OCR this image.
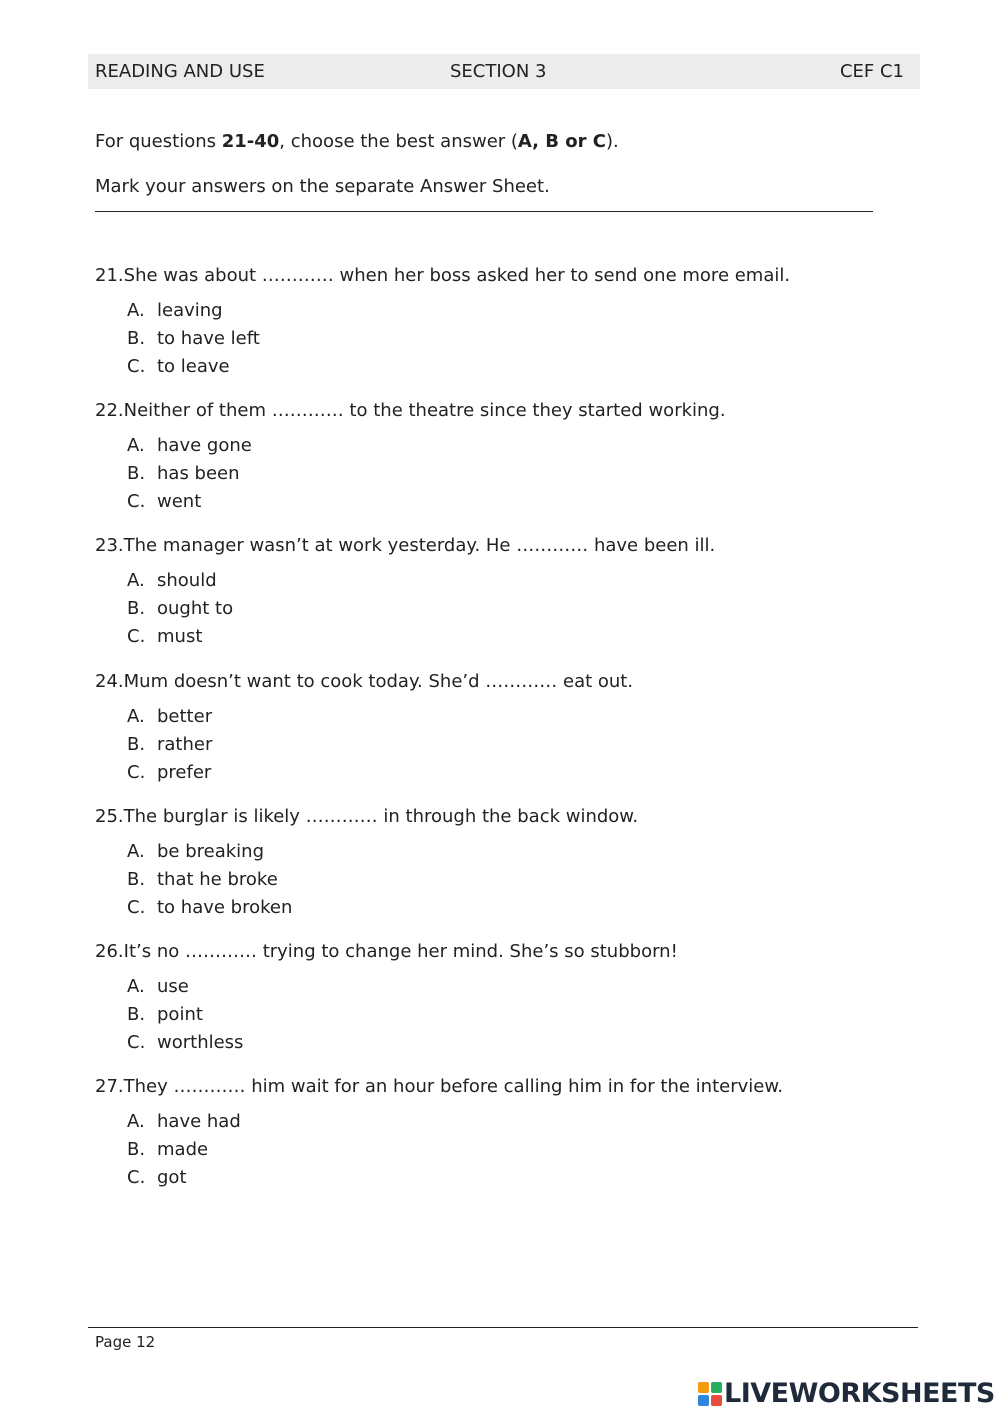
READING AND USE	SECTION 3	CEF C1
For questions 21-40, choose the best answer (A, B or C).
Mark your answers on the separate Answer Sheet.
21.She was about ………… when her boss asked her to send one more email.
A. leaving
B. to have left
C. to leave
22.Neither of them ………… to the theatre since they started working.
A. have gone
B. has been
C. went
23.The manager wasn’t at work yesterday. He ………… have been ill.
A. should
B. ought to
C. must
24.Mum doesn’t want to cook today. She’d ………… eat out.
A. better
B. rather
C. prefer
25.The burglar is likely ………… in through the back window.
A. be breaking
B. that he broke
C. to have broken
26.It’s no ………… trying to change her mind. She’s so stubborn!
A. use
B. point
C. worthless
27.They ………… him wait for an hour before calling him in for the interview.
A. have had
B. made
C. got
Page 12
LIVEWORKSHEETS
